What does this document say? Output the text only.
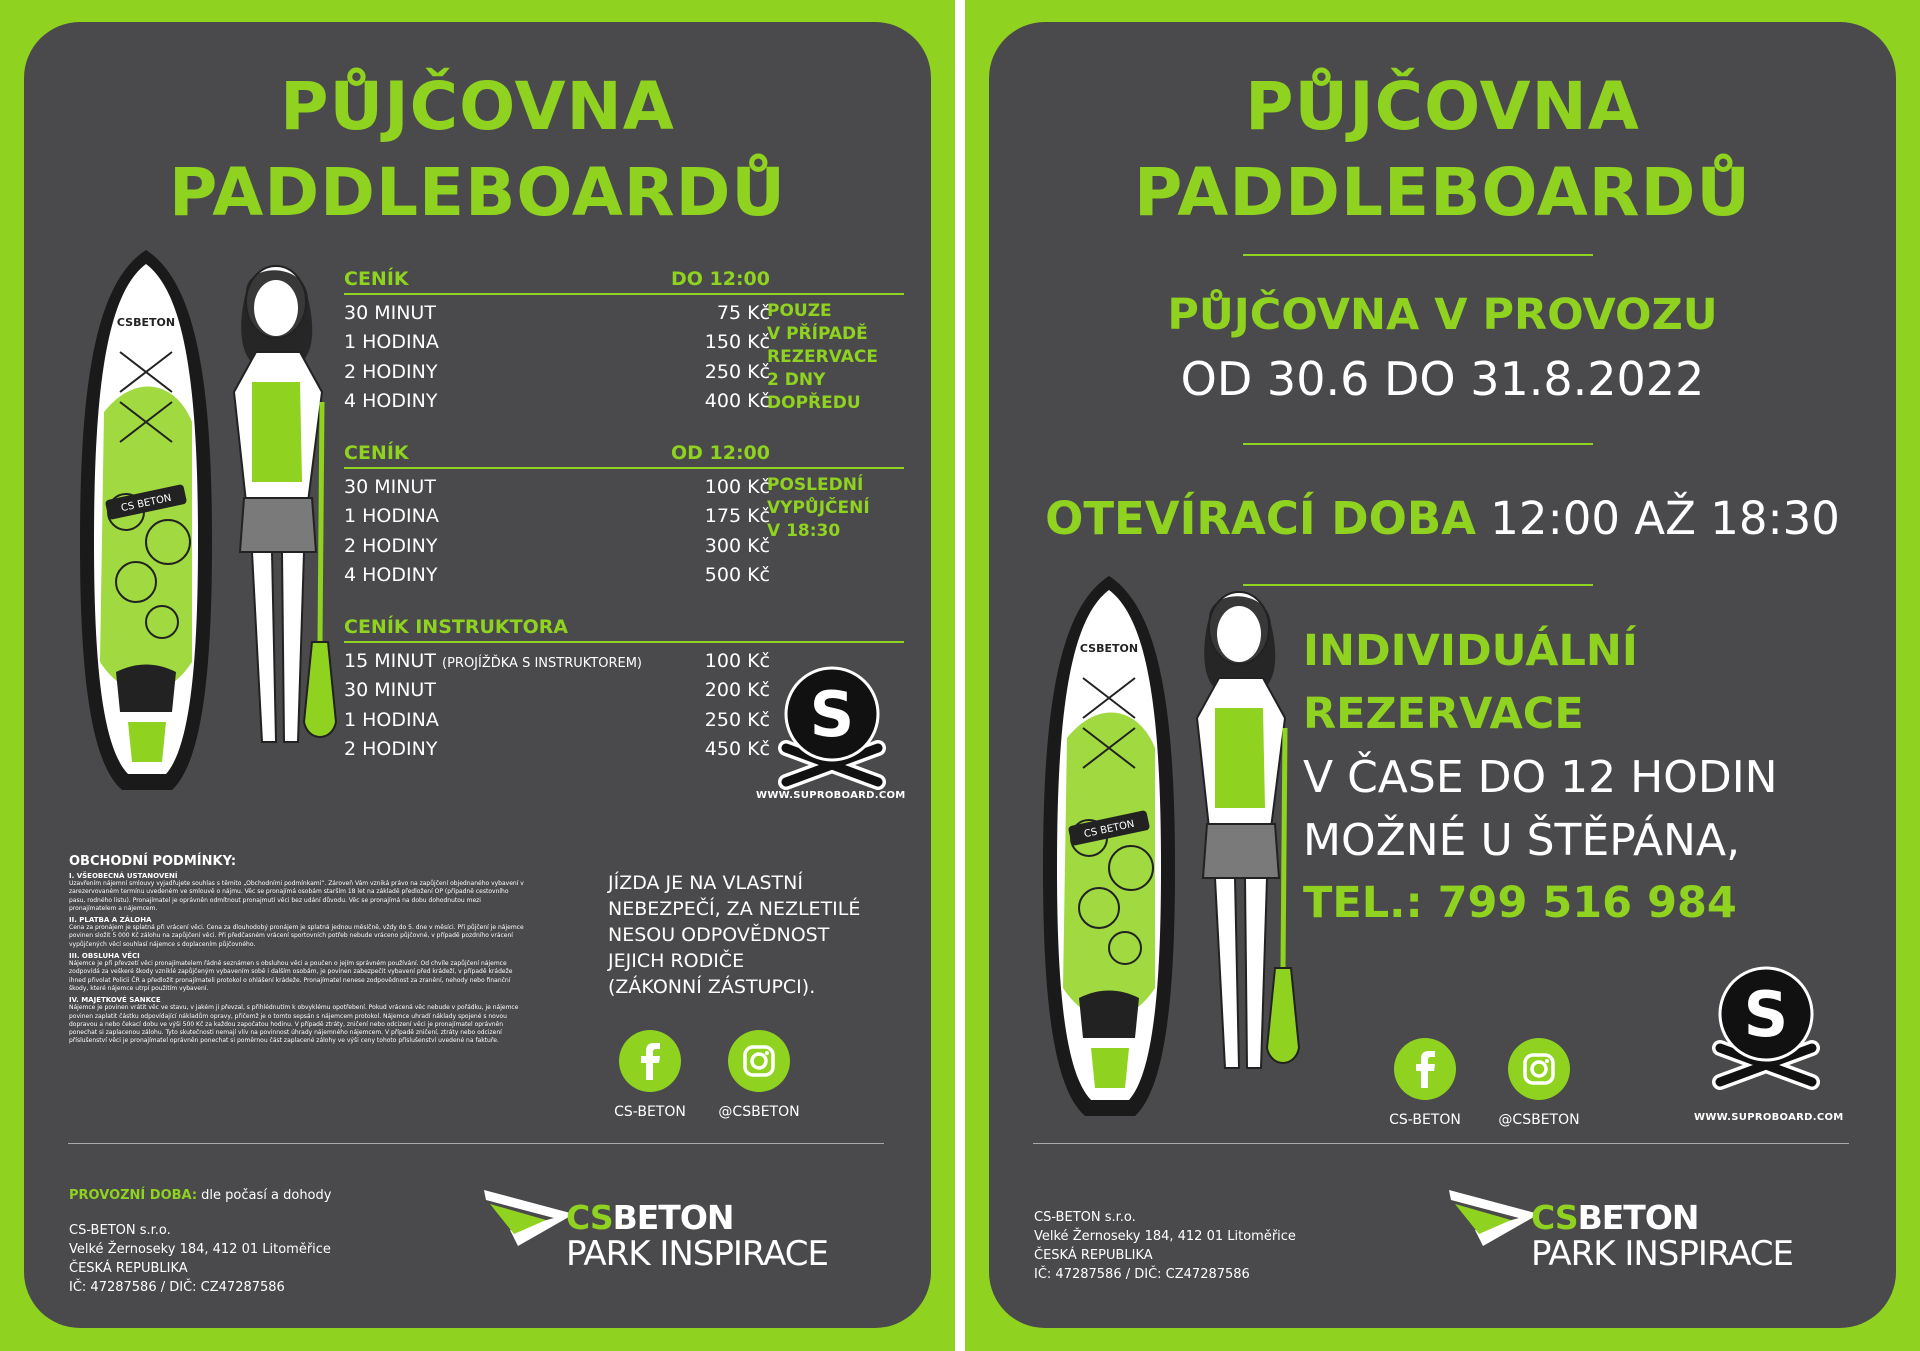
PŮJČOVNA
PADDLEBOARDŮ
CS BETON
CSBETON
CENÍK	DO 12:00
30 MINUT	75 Kč
1 HODINA	150 Kč
2 HODINY	250 Kč
4 HODINY	400 Kč
POUZE
V PŘÍPADĚ
REZERVACE
2 DNY
DOPŘEDU
CENÍK	OD 12:00
30 MINUT	100 Kč
1 HODINA	175 Kč
2 HODINY	300 Kč
4 HODINY	500 Kč
POSLEDNÍ
VYPŮJČENÍ
V 18:30
CENÍK INSTRUKTORA
15 MINUT (PROJÍŽĎKA S INSTRUKTOREM)	100 Kč
30 MINUT	200 Kč
1 HODINA	250 Kč
2 HODINY	450 Kč S
WWW.SUPROBOARD.COM
OBCHODNÍ PODMÍNKY:
I. VŠEOBECNÁ USTANOVENÍ
Uzavřením nájemní smlouvy vyjadřujete souhlas s těmito „Obchodními podmínkami“. Zároveň Vám vzniká právo na zapůjčení objednaného vybavení v zarezervovaném termínu uvedeném ve smlouvě o nájmu. Věc se pronajímá osobám starším 18 let na základě předložení OP (případně cestovního pasu, rodného listu). Pronajímatel je oprávněn odmítnout pronajmutí věci bez udání důvodu. Věc se pronajímá na dobu dohodnutou mezi pronajímatelem a nájemcem.
II. PLATBA A ZÁLOHA
Cena za pronájem je splatná při vrácení věci. Cena za dlouhodobý pronájem je splatná jednou měsíčně, vždy do 5. dne v měsíci. Při půjčení je nájemce povinen složit 5 000 Kč zálohu na zapůjčení věci. Při předčasném vrácení sportovních potřeb nebude vráceno půjčovné, v případě pozdního vrácení vypůjčených věcí souhlasí nájemce s doplacením půjčovného.
III. OBSLUHA VĚCI
Nájemce je při převzetí věci pronajímatelem řádně seznámen s obsluhou věci a poučen o jejím správném používání. Od chvíle zapůjčení nájemce zodpovídá za veškeré škody vzniklé zapůjčeným vybavením sobě i dalším osobám, je povinen zabezpečit vybavení před krádeží, v případě krádeže ihned přivolat Policii ČR a předložit pronajímateli protokol o ohlášení krádeže. Pronajímatel nenese zodpovědnost za zranění, nehody nebo finanční škody, které nájemce utrpí použitím vybavení.
IV. MAJETKOVÉ SANKCE
Nájemce je povinen vrátit věc ve stavu, v jakém ji převzal, s přihlédnutím k obvyklému opotřebení. Pokud vrácená věc nebude v pořádku, je nájemce povinen zaplatit částku odpovídající nákladům opravy, přičemž je o tomto sepsán s nájemcem protokol. Nájemce uhradí náklady spojené s novou dopravou a nebo čekací dobu ve výši 500 Kč za každou započatou hodinu. V případě ztráty, zničení nebo odcizení věci je pronajímatel oprávněn ponechat si zaplacenou zálohu. Tyto skutečnosti nemají vliv na povinnost úhrady nájemného nájemcem. V případě zničení, ztráty nebo odcizení příslušenství věci je pronajímatel oprávněn ponechat si poměrnou část zaplacené zálohy ve výši ceny tohoto příslušenství uvedené na faktuře.
JÍZDA JE NA VLASTNÍ
NEBEZPEČÍ, ZA NEZLETILÉ
NESOU ODPOVĚDNOST
JEJICH RODIČE
(ZÁKONNÍ ZÁSTUPCI).
CS-BETON	@CSBETON
PROVOZNÍ DOBA: dle počasí a dohody
CS-BETON s.r.o.
Velké Žernoseky 184, 412 01 Litoměřice
ČESKÁ REPUBLIKA
IČ: 47287586 / DIČ: CZ47287586
CSBETON
PARK INSPIRACE
PŮJČOVNA
PADDLEBOARDŮ
PŮJČOVNA V PROVOZU
OD 30.6 DO 31.8.2022
OTEVÍRACÍ DOBA 12:00 AŽ 18:30
CS BETON
CSBETON	INDIVIDUÁLNÍ
REZERVACE
V ČASE DO 12 HODIN
MOŽNÉ U ŠTĚPÁNA,
TEL.: 799 516 984
CS-BETON	@CSBETON
S
WWW.SUPROBOARD.COM
CS-BETON s.r.o.
Velké Žernoseky 184, 412 01 Litoměřice
ČESKÁ REPUBLIKA
IČ: 47287586 / DIČ: CZ47287586
CSBETON
PARK INSPIRACE
